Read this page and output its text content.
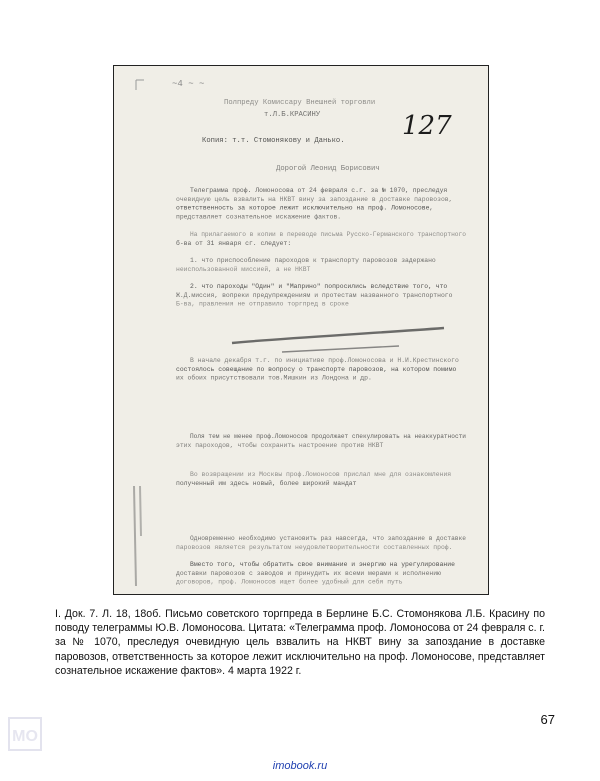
~4 ~ ~
127
Полпреду Комиссару Внешней торговли
т.Л.Б.КРАСИНУ
Копия: т.т. Стомонякову и Данько.
Дорогой Леонид Борисович
Телеграмма проф. Ломоносова от 24 февраля с.г. за № 1070, преследуя
очевидную цель взвалить на НКВТ вину за запоздание в доставке паровозов,
ответственность за которое лежит исключительно на проф. Ломоносове,
представляет сознательное искажение фактов.
На прилагаемого в копии в переводе письма Русско-Германского транспортного
б-ва от 31 января сг. следует:
1. что приспособление пароходов к транспорту паровозов задержано
неиспользованной миссией, а не НКВТ
2. что пароходы "Один" и "Маприно" попросились вследствие того, что
Ж.Д.миссия, вопреки предупреждениям и протестам названного транспортного
Б-ва, правления не отправило торгпред в сроке
В начале декабря т.г. по инициативе проф.Ломоносова и Н.И.Крестинского
состоялось совещание по вопросу о транспорте паровозов, на котором помимо
их обоих присутствовали тов.Мишкин из Лондона и др.
Поля тем не менее проф.Ломоносов продолжает спекулировать на неаккуратности
этих пароходов, чтобы сохранить настроение против НКВТ
Во возвращении из Москвы проф.Ломоносов прислал мне для ознакомления
полученный им здесь новый, более широкий мандат
Одновременно необходимо установить раз навсегда, что запоздание в доставке
паровозов является результатом неудовлетворительности составленных проф.
Вместо того, чтобы обратить свое внимание и энергию на урегулирование
доставки паровозов с заводов и принудить их всеми мерами к исполнению
договоров, проф. Ломоносов ищет более удобный для себя путь
I. Док. 7. Л. 18, 18об. Письмо советского торгпреда в Берлине Б.С. Стомонякова Л.Б. Красину по поводу телеграммы Ю.В. Ломоносова. Цитата: «Телеграмма проф. Ломоносова от 24 февраля с. г. за № 1070, преследуя очевидную цель взвалить на НКВТ вину за запоздание в доставке паровозов, ответственность за которое лежит исключительно на проф. Ломоносове, представляет сознательное искажение фактов». 4 марта 1922 г.
67
MO
imobook.ru
